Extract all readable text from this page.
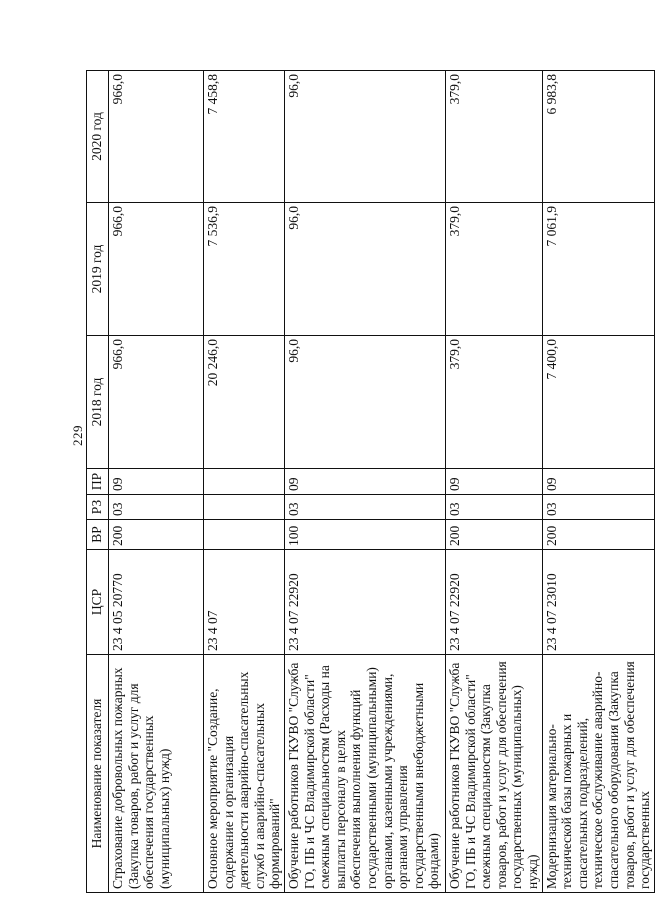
229
Наименование показателя	ЦСР	ВР	РЗ	ПР	2018 год	2019 год	2020 год
Страхование добровольных пожарных (Закупка товаров, работ и услуг для обеспечения государственных (муниципальных) нужд)	23 4 05 20770	200	03	09	966,0	966,0	966,0
Основное мероприятие "Создание, содержание и организация деятельности аварийно-спасательных служб и аварийно-спасательных формирований"	23 4 07				20 246,0	7 536,9	7 458,8
Обучение работников ГКУВО "Служба ГО, ПБ и ЧС Владимирской области" смежным специальностям (Расходы на выплаты персоналу в целях обеспечения выполнения функций государственными (муниципальными) органами, казенными учреждениями, органами управления государственными внебюджетными фондами)	23 4 07 22920	100	03	09	96,0	96,0	96,0
Обучение работников ГКУВО "Служба ГО, ПБ и ЧС Владимирской области" смежным специальностям (Закупка товаров, работ и услуг для обеспечения государственных (муниципальных) нужд)	23 4 07 22920	200	03	09	379,0	379,0	379,0
Модернизация материально-технической базы пожарных и спасательных подразделений, техническое обслуживание аварийно-спасательного оборудования (Закупка товаров, работ и услуг для обеспечения государственных	23 4 07 23010	200	03	09	7 400,0	7 061,9	6 983,8
